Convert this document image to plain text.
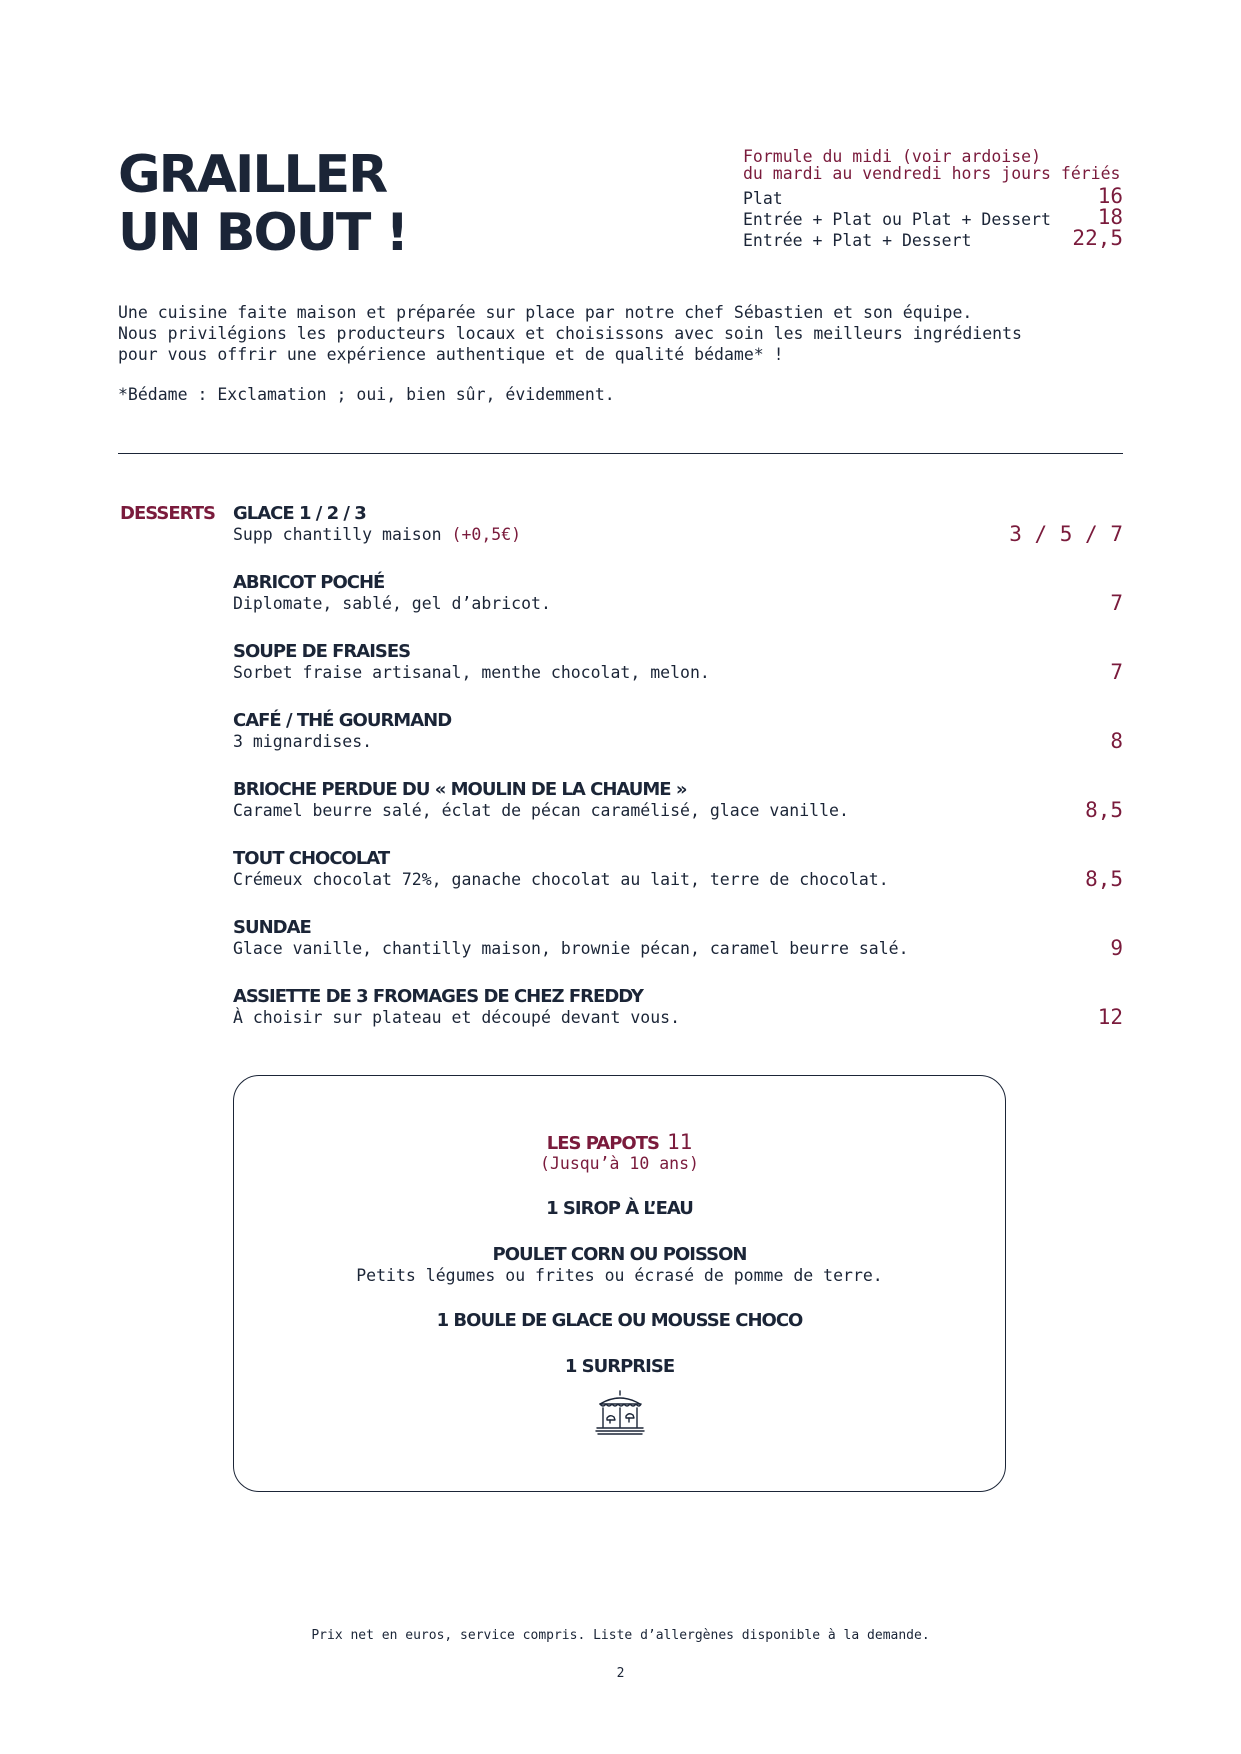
GRAILLER
UN BOUT !
Formule du midi (voir ardoise)
du mardi au vendredi hors jours fériés
Plat	16
Entrée + Plat ou Plat + Dessert 18
Entrée + Plat + Dessert	22,5

Une cuisine faite maison et préparée sur place par notre chef Sébastien et son équipe.

Nous privilégions les producteurs locaux et choisissons avec soin les meilleurs ingrédients

pour vous offrir une expérience authentique et de qualité bédame* !

*Bédame : Exclamation ; oui, bien sûr, évidemment.

DESSERTS GLACE 1 / 2 / 3
Supp chantilly maison (+0,5€)	3 / 5 / 7
ABRICOT POCHÉ
Diplomate, sablé, gel d’abricot.	7
SOUPE DE FRAISES
Sorbet fraise artisanal, menthe chocolat, melon.	7
CAFÉ / THÉ GOURMAND
3 mignardises.	8
BRIOCHE PERDUE DU « MOULIN DE LA CHAUME »
Caramel beurre salé, éclat de pécan caramélisé, glace vanille.	8,5
TOUT CHOCOLAT
Crémeux chocolat 72%, ganache chocolat au lait, terre de chocolat.	8,5
SUNDAE
Glace vanille, chantilly maison, brownie pécan, caramel beurre salé.	9
ASSIETTE DE 3 FROMAGES DE CHEZ FREDDY
À choisir sur plateau et découpé devant vous.	12
LES PAPOTS 11
(Jusqu’à 10 ans)
1 SIROP À L’EAU
POULET CORN OU POISSON
Petits légumes ou frites ou écrasé de pomme de terre.
1 BOULE DE GLACE OU MOUSSE CHOCO
1 SURPRISE
Prix net en euros, service compris. Liste d’allergènes disponible à la demande.
2
